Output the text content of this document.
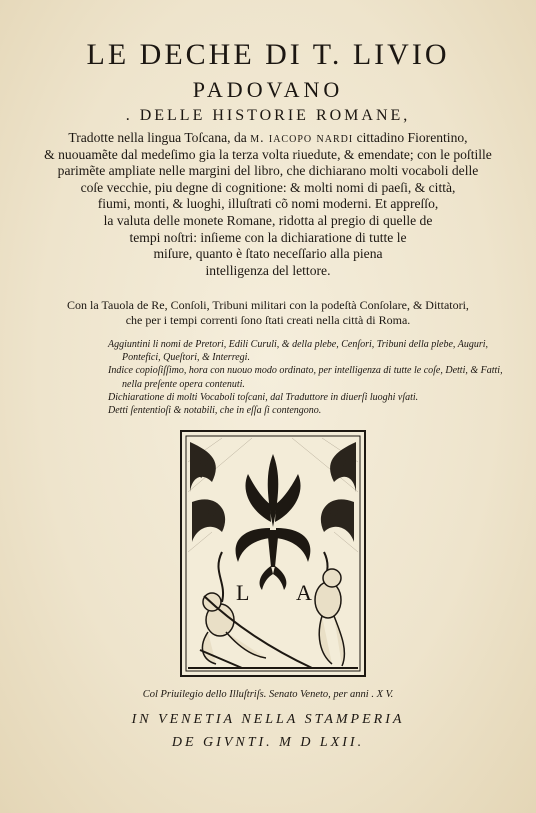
LE DECHE DI T. LIVIO
PADOVANO
. DELLE HISTORIE ROMANE,
Tradotte nella lingua Toſcana, da m. iacopo nardi cittadino Fiorentino,
& nuouamẽte dal medeſimo gia la terza volta riuedute, & emendate; con le poſtille
parimẽte ampliate nelle margini del libro, che dichiarano molti vocaboli delle
coſe vecchie, piu degne di cognitione: & molti nomi di paeſi, & città,
fiumi, monti, & luoghi, illuſtrati cõ nomi moderni. Et appreſſo,
la valuta delle monete Romane, ridotta al pregio di quelle de
tempi noſtri: inſieme con la dichiaratione di tutte le
miſure, quanto è ſtato neceſſario alla piena
intelligenza del lettore.
Con la Tauola de Re, Conſoli, Tribuni militari con la podeſtà Conſolare, & Dittatori,
che per i tempi correnti ſono ſtati creati nella città di Roma.
Aggiuntini li nomi de Pretori, Edili Curuli, & della plebe, Cenſori, Tribuni della plebe, Auguri,
Pontefici, Queſtori, & Interregi.
Indice copioſiſſimo, hora con nuouo modo ordinato, per intelligenza di tutte le coſe, Detti, & Fatti,
nella preſente opera contenuti.
Dichiaratione di molti Vocaboli toſcani, dal Traduttore in diuerſi luoghi vſati.
Detti ſententioſi & notabili, che in eſſa ſi contengono.
L A
Col Priuilegio dello Illuſtriſs. Senato Veneto, per anni . X V.
IN VENETIA NELLA STAMPERIA
DE GIVNTI. M D LXII.
